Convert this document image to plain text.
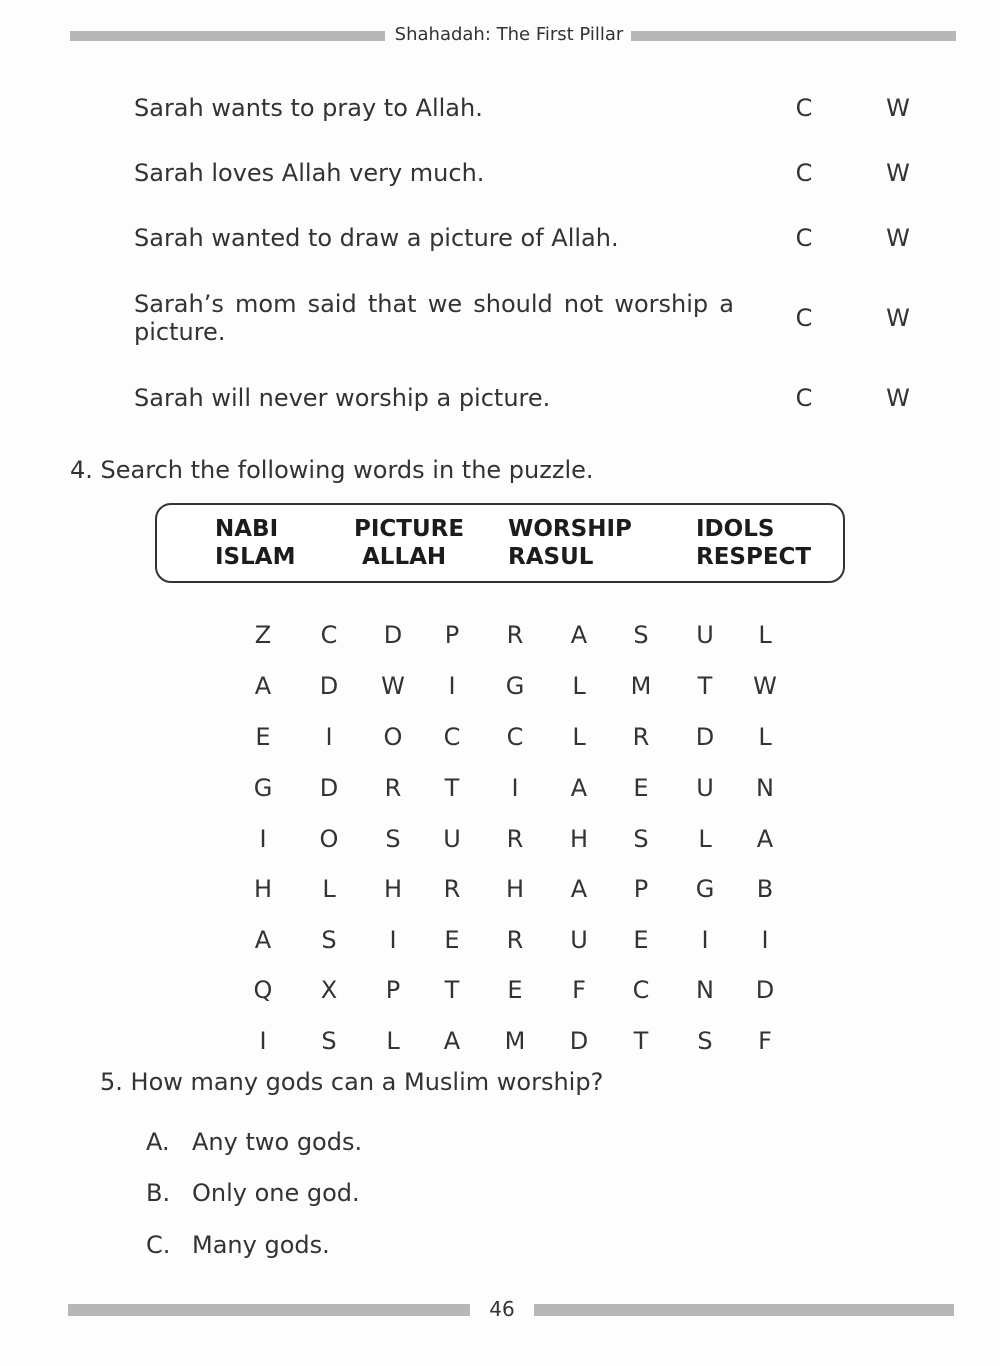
Shahadah: The First Pillar
Sarah wants to pray to Allah.	C	W
Sarah loves Allah very much.	C	W
Sarah wanted to draw a picture of Allah.	C	W
Sarah’s mom said that we should not worship a picture.	C	W
Sarah will never worship a picture.	C	W
4. Search the following words in the puzzle.
NABI
ISLAM
PICTURE
ALLAH
WORSHIP
RASUL
IDOLS
RESPECT
Z	C	D	P	R	A	S	U	L
A	D	W	I	G	L	M	T	W
E	I	O	C	C	L	R	D	L
G	D	R	T	I	A	E	U	N
I	O	S	U	R	H	S	L	A
H	L	H	R	H	A	P	G	B
A	S	I	E	R	U	E	I	I
Q	X	P	T	E	F	C	N	D
I	S	L	A	M	D	T	S	F
5. How many gods can a Muslim worship?
A. Any two gods.
B. Only one god.
C. Many gods.
46
